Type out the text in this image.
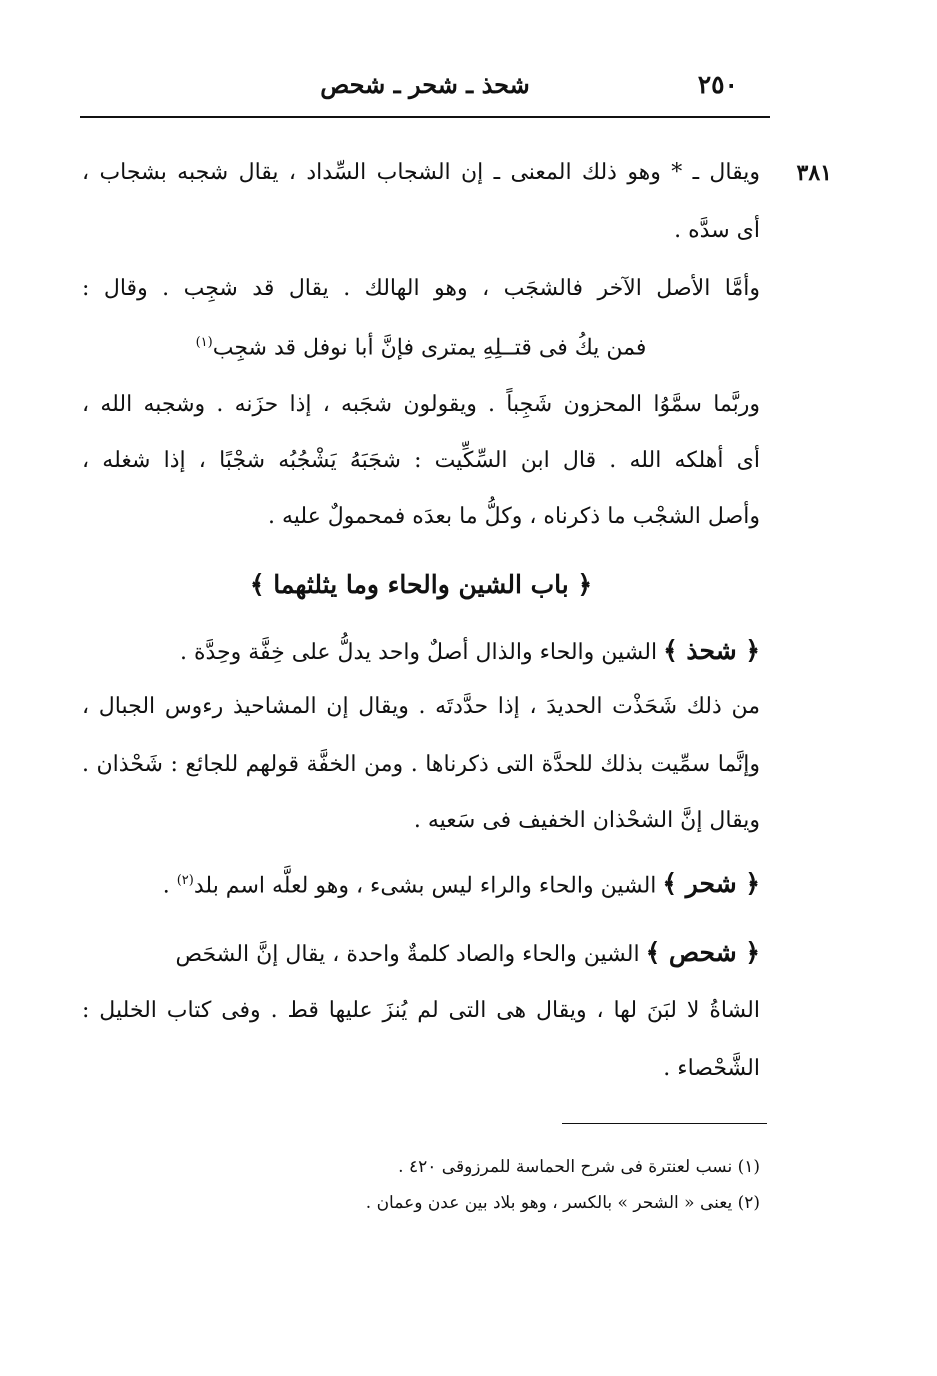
٢٥٠
شحذ ـ شحر ـ شحص
٣٨١
ويقال ـ * وهو ذلك المعنى ـ إن الشجاب السِّداد ، يقال شجبه بشجاب ،
أى سدَّه .
وأمَّا الأصل الآخر فالشجَب ، وهو الهالك . يقال قد شجِب . وقال :
فمن يكُ فى قتــلِهِ يمترى فإنَّ أبا نوفل قد شجِب$^{(١)}$
وربَّما سمَّوُا المحزون شَجِباً . ويقولون شجَبه ، إذا حزَنه . وشجبه الله ،
أى أهلكه الله . قال ابن السِّكِّيت : شجَبَهُ يَشْجُبُه شجْبًا ، إذا شغله ،
وأصل الشجْب ما ذكرناه ، وكلُّ ما بعدَه فمحمولٌ عليه .
﴿ باب الشين والحاء وما يثلثهما ﴾
﴿ شحذ ﴾الشين والحاء والذال أصلٌ واحد يدلُّ على خِفَّة وحِدَّة .
من ذلك شَحَذْت الحديدَ ، إذا حدَّدتَه . ويقال إن المشاحيذ رءوس الجبال ،
وإنَّما سمِّيت بذلك للحدَّة التى ذكرناها . ومن الخفَّة قولهم للجائع : شَحْذان .
ويقال إنَّ الشحْذان الخفيف فى سَعيه .
﴿ شحر ﴾الشين والحاء والراء ليس بشىء ، وهو لعلَّه اسم بلد$^{(٢)}$ .
﴿ شحص ﴾الشين والحاء والصاد كلمةٌ واحدة ، يقال إنَّ الشحَص
الشاةُ لا لبَنَ لها ، ويقال هى التى لم يُنزَ عليها قط . وفى كتاب الخليل :
الشَّحْصاء .
(١) نسب لعنترة فى شرح الحماسة للمرزوقى ٤٢٠ .
(٢) يعنى « الشحر » بالكسر ، وهو بلاد بين عدن وعمان .
